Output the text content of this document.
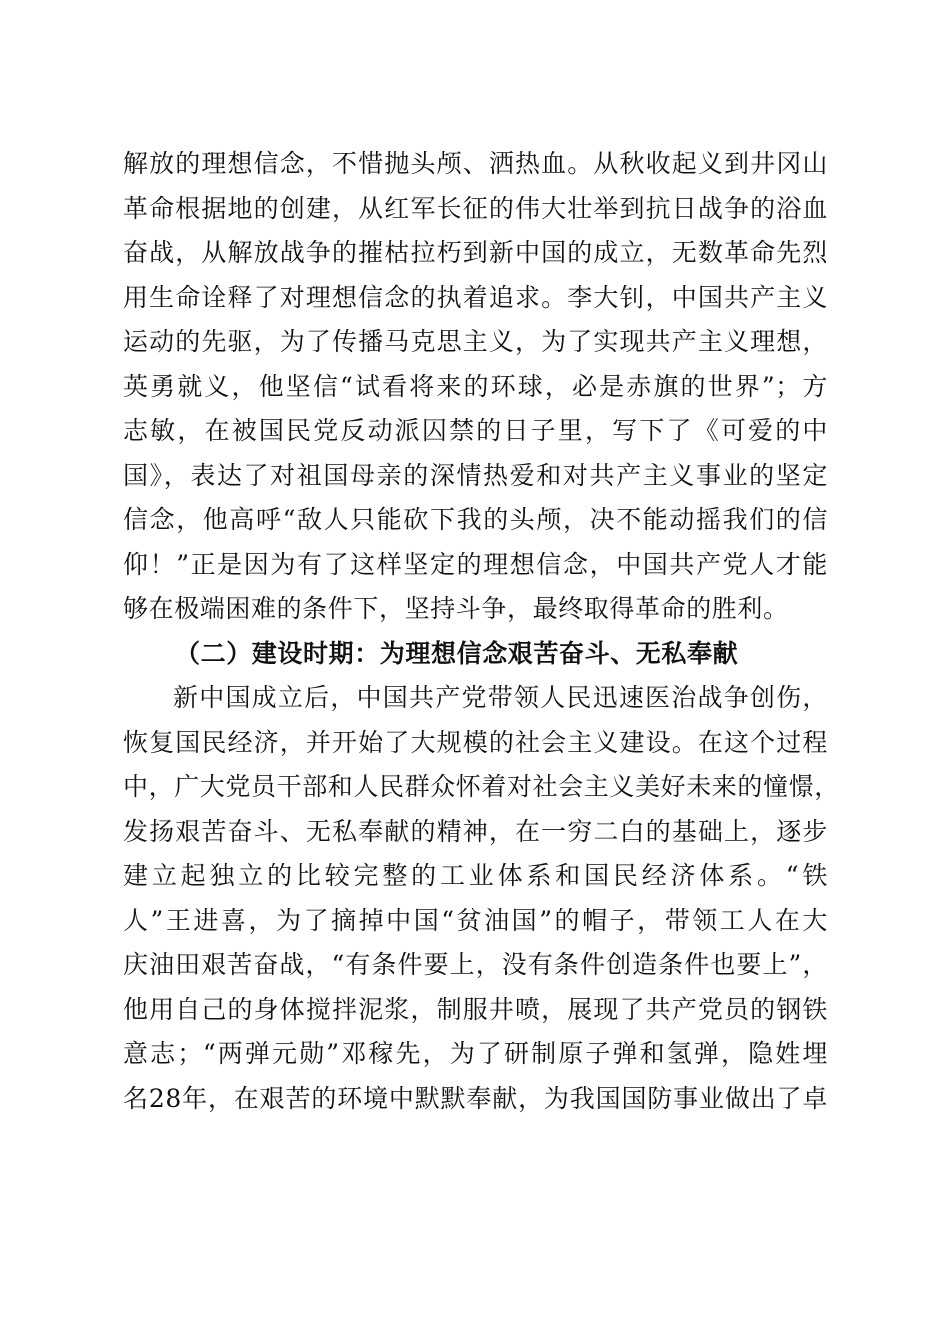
解放的理想信念，不惜抛头颅、洒热血。从秋收起义到井冈山
革命根据地的创建，从红军长征的伟大壮举到抗日战争的浴血
奋战，从解放战争的摧枯拉朽到新中国的成立，无数革命先烈
用生命诠释了对理想信念的执着追求。李大钊，中国共产主义
运动的先驱，为了传播马克思主义，为了实现共产主义理想，
英勇就义，他坚信“试看将来的环球，必是赤旗的世界”；方
志敏，在被国民党反动派囚禁的日子里，写下了《可爱的中
国》，表达了对祖国母亲的深情热爱和对共产主义事业的坚定
信念，他高呼“敌人只能砍下我的头颅，决不能动摇我们的信
仰！”正是因为有了这样坚定的理想信念，中国共产党人才能
够在极端困难的条件下，坚持斗争，最终取得革命的胜利。
（二）建设时期：为理想信念艰苦奋斗、无私奉献
新中国成立后，中国共产党带领人民迅速医治战争创伤，
恢复国民经济，并开始了大规模的社会主义建设。在这个过程
中，广大党员干部和人民群众怀着对社会主义美好未来的憧憬，
发扬艰苦奋斗、无私奉献的精神，在一穷二白的基础上，逐步
建立起独立的比较完整的工业体系和国民经济体系。“铁
人”王进喜，为了摘掉中国“贫油国”的帽子，带领工人在大
庆油田艰苦奋战，“有条件要上，没有条件创造条件也要上”，
他用自己的身体搅拌泥浆，制服井喷，展现了共产党员的钢铁
意志；“两弹元勋”邓稼先，为了研制原子弹和氢弹，隐姓埋
名28年，在艰苦的环境中默默奉献，为我国国防事业做出了卓
